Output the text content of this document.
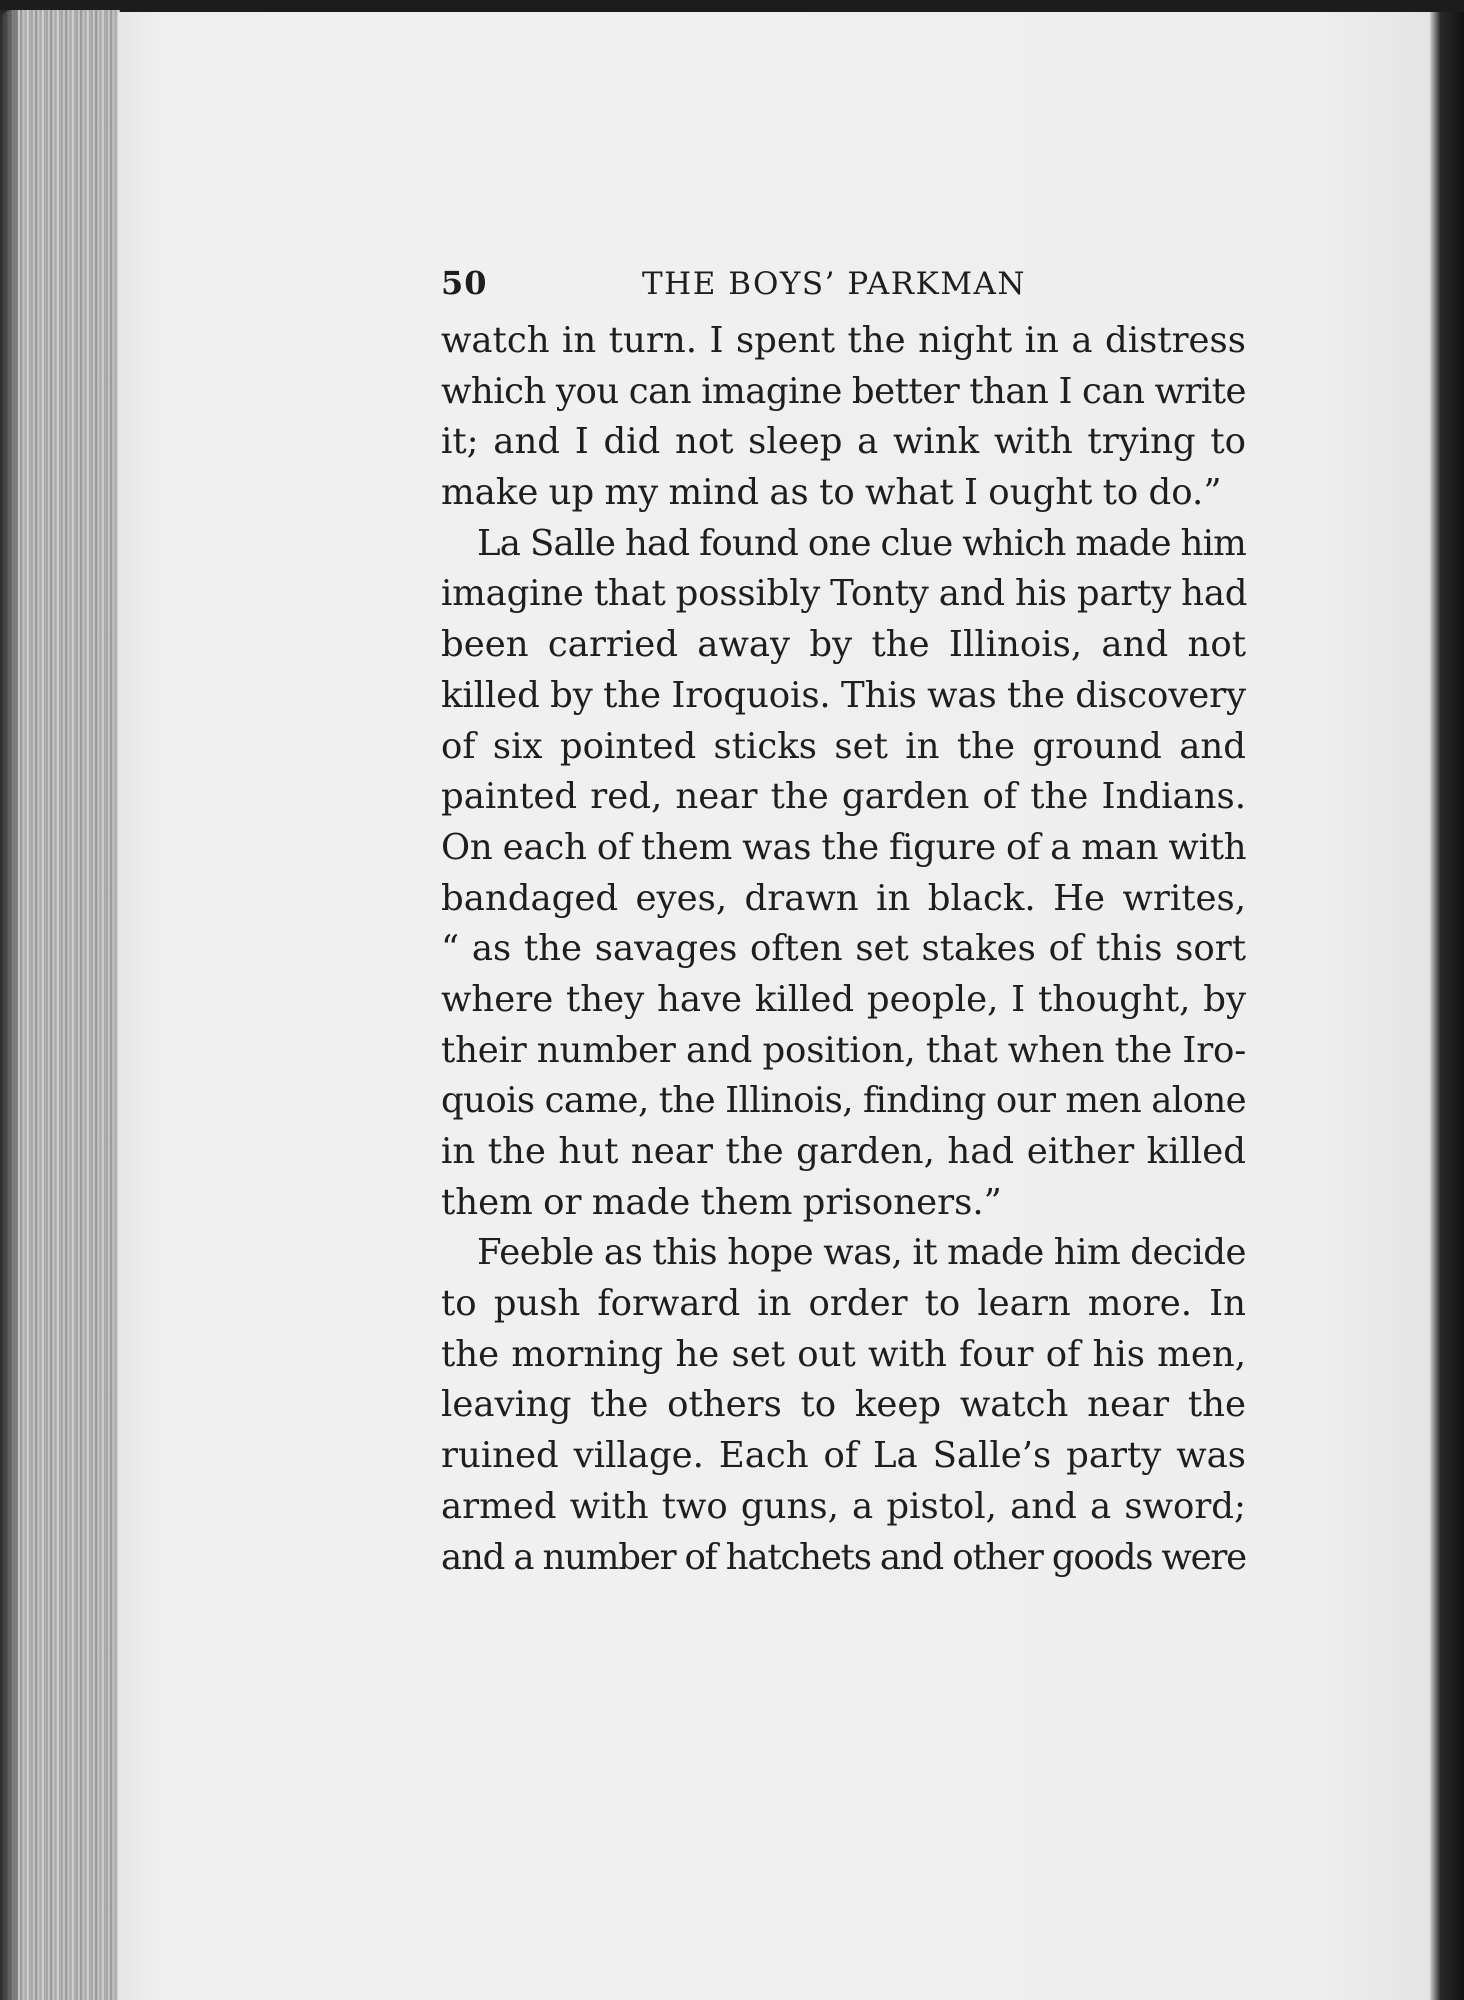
50	THE BOYS’ PARKMAN

watch in turn. I spent the night in a distress
which you can imagine better than I can write
it; and I did not sleep a wink with trying to
make up my mind as to what I ought to do.”

La Salle had found one clue which made him
imagine that possibly Tonty and his party had
been carried away by the Illinois, and not
killed by the Iroquois. This was the discovery
of six pointed sticks set in the ground and
painted red, near the garden of the Indians.
On each of them was the figure of a man with
bandaged eyes, drawn in black. He writes,
“ as the savages often set stakes of this sort
where they have killed people, I thought, by
their number and position, that when the Iro-
quois came, the Illinois, finding our men alone
in the hut near the garden, had either killed
them or made them prisoners.”

Feeble as this hope was, it made him decide
to push forward in order to learn more. In
the morning he set out with four of his men,
leaving the others to keep watch near the
ruined village. Each of La Salle’s party was
armed with two guns, a pistol, and a sword;
and a number of hatchets and other goods were
